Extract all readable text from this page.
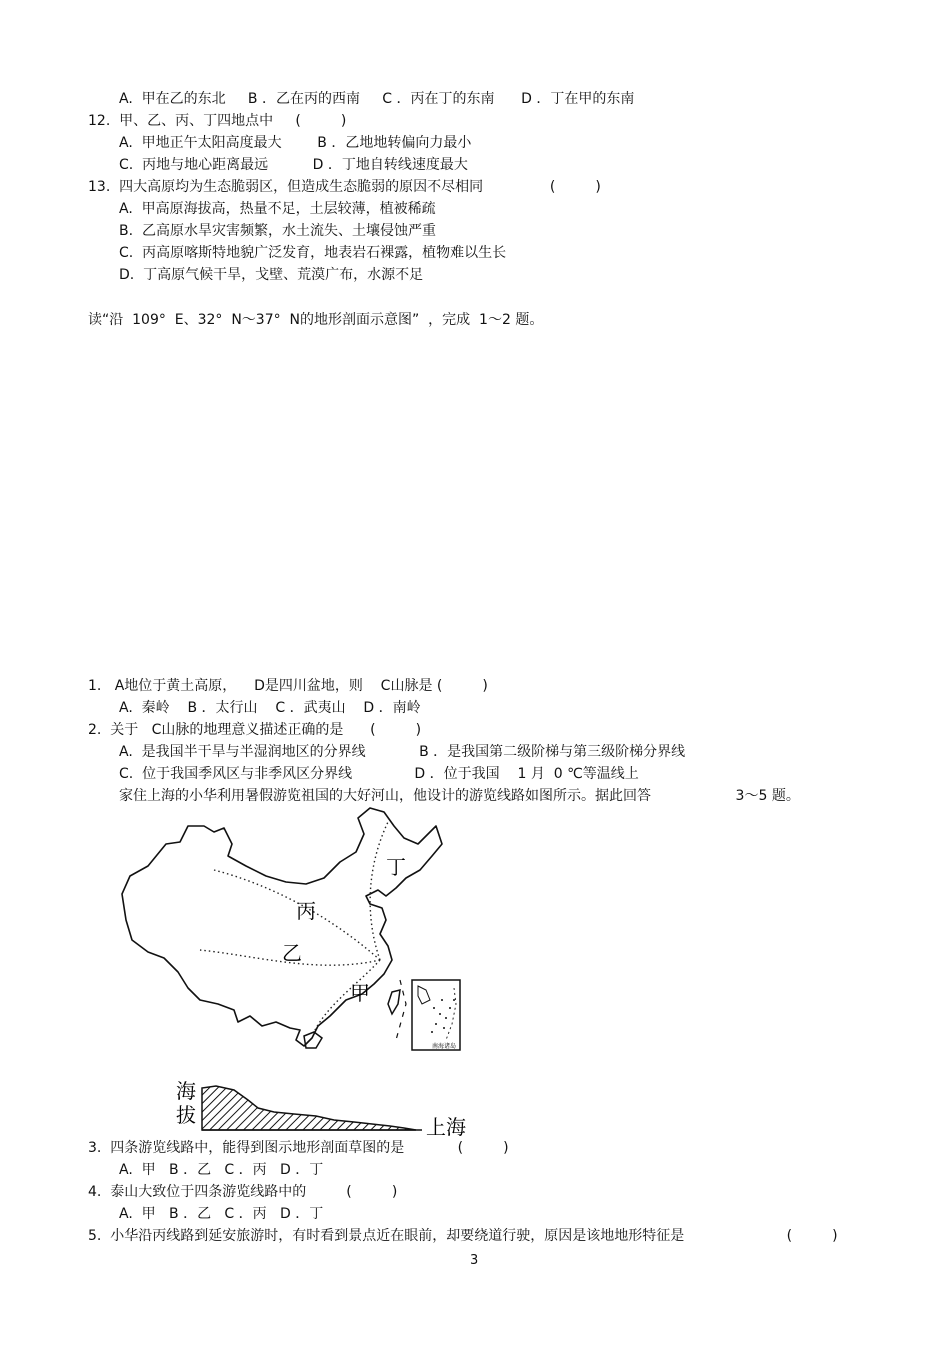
A.  甲在乙的东北     B ．乙在丙的西南     C ．丙在丁的东南      D ．丁在甲的东南
12.  甲、乙、丙、丁四地点中     (         )
A.  甲地正午太阳高度最大        B ．乙地地转偏向力最小
C.  丙地与地心距离最远          D ．丁地自转线速度最大
13.  四大高原均为生态脆弱区，但造成生态脆弱的原因不尽相同               (         )
A.  甲高原海拔高，热量不足，土层较薄，植被稀疏
B.  乙高原水旱灾害频繁，水土流失、土壤侵蚀严重
C.  丙高原喀斯特地貌广泛发育，地表岩石裸露，植物难以生长
D.  丁高原气候干旱，戈壁、荒漠广布，水源不足
读“沿  109°  E、32°  N～37°  N的地形剖面示意图”  ，完成  1～2 题。
1.   A地位于黄土高原，    D是四川盆地，则    C山脉是 (         )
A.  秦岭    B ．太行山    C ．武夷山    D ．南岭
2.  关于   C山脉的地理意义描述正确的是      (         )
A.  是我国半干旱与半湿润地区的分界线            B ．是我国第二级阶梯与第三级阶梯分界线
C.  位于我国季风区与非季风区分界线              D ．位于我国    1 月  0 ℃等温线上
家住上海的小华利用暑假游览祖国的大好河山，他设计的游览线路如图所示。据此回答                   3～5 题。
丁
丙
乙
甲
南海诸岛
海
拔	上海
3.  四条游览线路中，能得到图示地形剖面草图的是            (         )
A.  甲   B ．乙   C ．丙   D ．丁
4.  泰山大致位于四条游览线路中的         (         )
A.  甲   B ．乙   C ．丙   D ．丁
5.  小华沿丙线路到延安旅游时，有时看到景点近在眼前，却要绕道行驶，原因是该地地形特征是                       (         )
3
